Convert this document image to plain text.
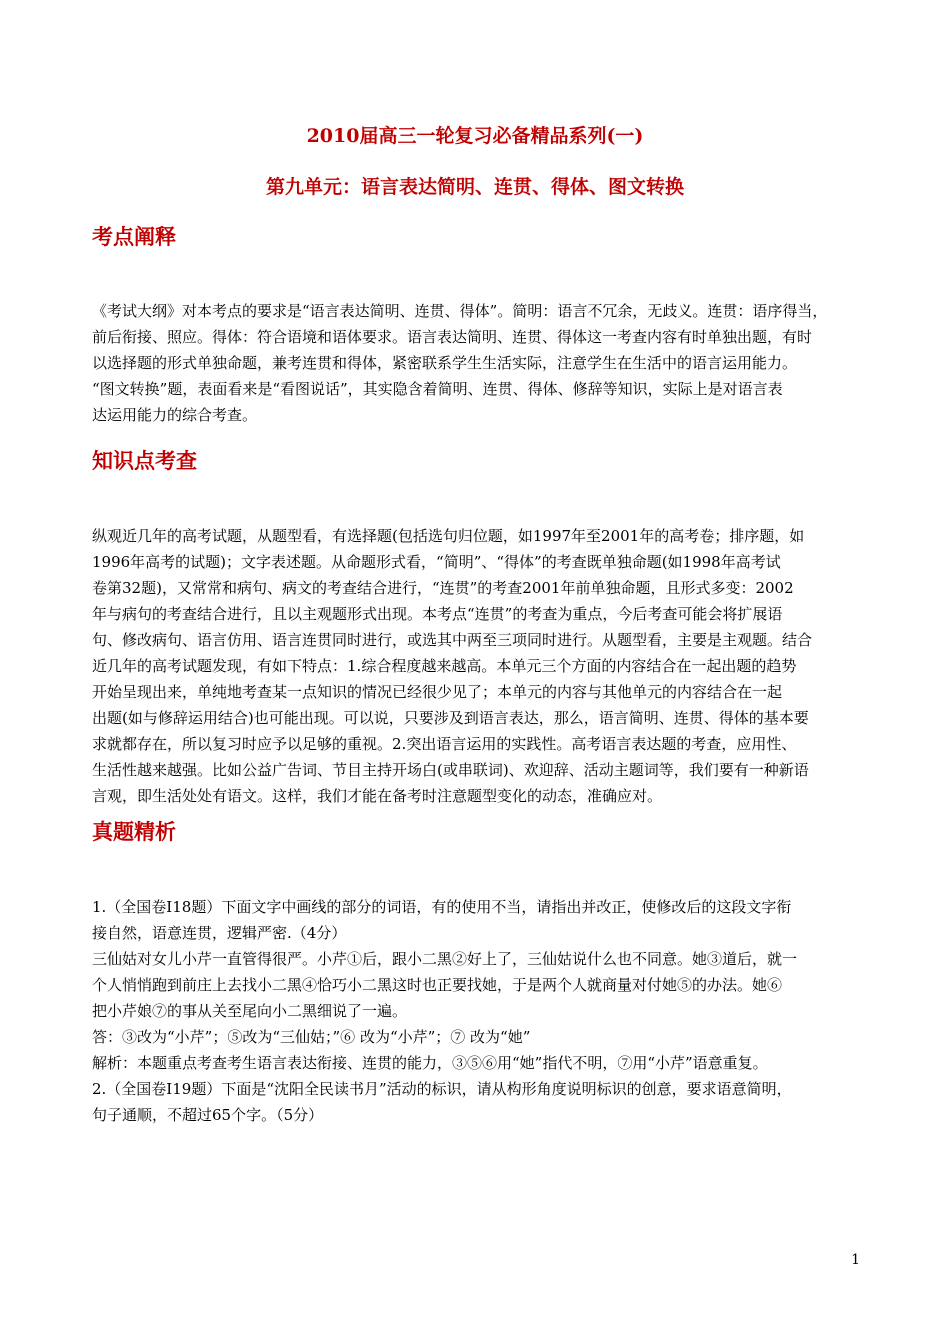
2010届高三一轮复习必备精品系列(一)
第九单元：语言表达简明、连贯、得体、图文转换
考点阐释
《考试大纲》对本考点的要求是“语言表达简明、连贯、得体”。简明：语言不冗余，无歧义。连贯：语序得当，
前后衔接、照应。得体：符合语境和语体要求。语言表达简明、连贯、得体这一考查内容有时单独出题，有时
以选择题的形式单独命题，兼考连贯和得体，紧密联系学生生活实际，注意学生在生活中的语言运用能力。
“图文转换”题，表面看来是“看图说话”，其实隐含着简明、连贯、得体、修辞等知识，实际上是对语言表
达运用能力的综合考查。
知识点考查
纵观近几年的高考试题，从题型看，有选择题(包括选句归位题，如1997年至2001年的高考卷；排序题，如
1996年高考的试题)；文字表述题。从命题形式看，“简明”、“得体”的考查既单独命题(如1998年高考试
卷第32题)，又常常和病句、病文的考查结合进行，“连贯”的考查2001年前单独命题，且形式多变：2002
年与病句的考查结合进行，且以主观题形式出现。本考点“连贯”的考查为重点，今后考查可能会将扩展语
句、修改病句、语言仿用、语言连贯同时进行，或选其中两至三项同时进行。从题型看，主要是主观题。结合
近几年的高考试题发现，有如下特点：1.综合程度越来越高。本单元三个方面的内容结合在一起出题的趋势
开始呈现出来，单纯地考查某一点知识的情况已经很少见了；本单元的内容与其他单元的内容结合在一起
出题(如与修辞运用结合)也可能出现。可以说，只要涉及到语言表达，那么，语言简明、连贯、得体的基本要
求就都存在，所以复习时应予以足够的重视。2.突出语言运用的实践性。高考语言表达题的考查，应用性、
生活性越来越强。比如公益广告词、节目主持开场白(或串联词)、欢迎辞、活动主题词等，我们要有一种新语
言观，即生活处处有语文。这样，我们才能在备考时注意题型变化的动态，准确应对。
真题精析
1.（全国卷Ⅰ18题）下面文字中画线的部分的词语，有的使用不当，请指出并改正，使修改后的这段文字衔
接自然，语意连贯，逻辑严密.（4分）
三仙姑对女儿小芹一直管得很严。小芹①后，跟小二黑②好上了，三仙姑说什么也不同意。她③道后，就一
个人悄悄跑到前庄上去找小二黑④恰巧小二黑这时也正要找她，于是两个人就商量对付她⑤的办法。她⑥
把小芹娘⑦的事从关至尾向小二黑细说了一遍。
答：③改为“小芹”；⑤改为“三仙姑；”⑥ 改为“小芹”；⑦ 改为“她”
解析：本题重点考查考生语言表达衔接、连贯的能力，③⑤⑥用“她”指代不明，⑦用“小芹”语意重复。
2.（全国卷Ⅰ19题）下面是“沈阳全民读书月”活动的标识，请从构形角度说明标识的创意，要求语意简明，
句子通顺，不超过65个字。（5分）
1
